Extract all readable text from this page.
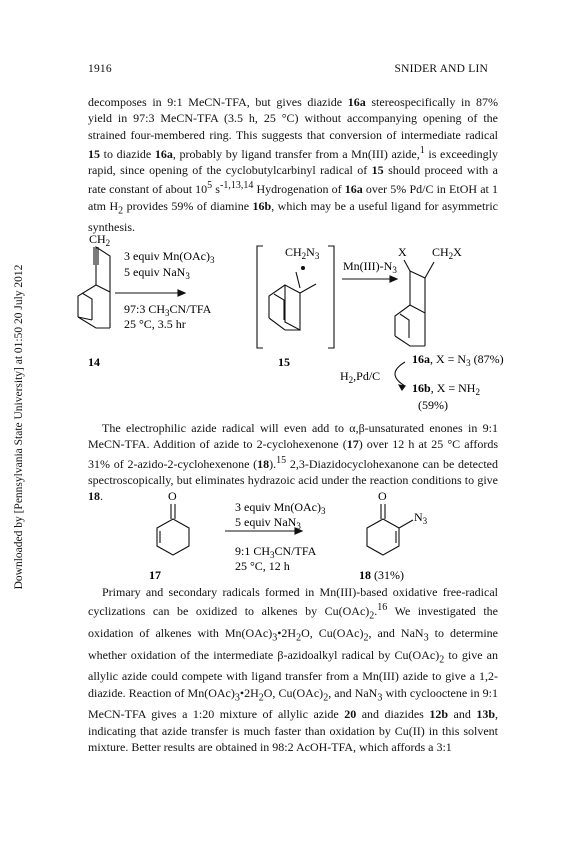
1916	SNIDER AND LIN
Downloaded by [Pennsylvania State University] at 01:50 20 July 2012

decomposes in 9:1 MeCN-TFA, but gives diazide 16a stereospecifically in 87% yield in 97:3 MeCN-TFA (3.5 h, 25 °C) without accompanying opening of the strained four-membered ring. This suggests that conversion of intermediate radical 15 to diazide 16a, probably by ligand transfer from a Mn(III) azide,$^1$ is exceedingly rapid, since opening of the cyclobutylcarbinyl radical of 15 should proceed with a rate constant of about $10^5$ $s^{-1,13,14}$ Hydrogenation of 16a over 5% Pd/C in EtOH at 1 atm $H_2$ provides 59% of diamine 16b, which may be a useful ligand for asymmetric synthesis.

$CH_2$
3 equiv $Mn(OAc)_3$
5 equiv NaN$_3$
97:3 $CH_3CN$/TFA
25 °C, 3.5 hr
14
$CH_2N_3$
15
$Mn(III)-N_3$
X $CH_2X$
16a, $X = N_3$ (87%)
$H_2,Pd/C$
16b, $X = NH_2$
(59%)

The electrophilic azide radical will even add to α,β-unsaturated enones in 9:1 MeCN-TFA. Addition of azide to 2-cyclohexenone (17) over 12 h at 25 °C affords 31% of 2-azido-2-cyclohexenone (18).$^{15}$ 2,3-Diazidocyclohexanone can be detected spectroscopically, but eliminates hydrazoic acid under the reaction conditions to give 18.	O	O
$N_3$
3 equiv $Mn(OAc)_3$
5 equiv NaN$_3$
9:1 $CH_3CN$/TFA
25 °C, 12 h
17	18 (31%)

Primary and secondary radicals formed in Mn(III)-based oxidative free-radical cyclizations can be oxidized to alkenes by $Cu(OAc)_2.^{16}$ We investigated the oxidation of alkenes with $Mn(OAc)_3•2H_2O$, $Cu(OAc)_2$, and NaN$_3$ to determine whether oxidation of the intermediate β-azidoalkyl radical by $Cu(OAc)_2$ to give an allylic azide could compete with ligand transfer from a Mn(III) azide to give a 1,2-diazide. Reaction of $Mn(OAc)_3•2H_2O$, $Cu(OAc)_2$, and NaN$_3$ with cyclooctene in 9:1 MeCN-TFA gives a 1:20 mixture of allylic azide 20 and diazides 12b and 13b, indicating that azide transfer is much faster than oxidation by Cu(II) in this solvent mixture. Better results are obtained in 98:2 AcOH-TFA, which affords a 3:1
